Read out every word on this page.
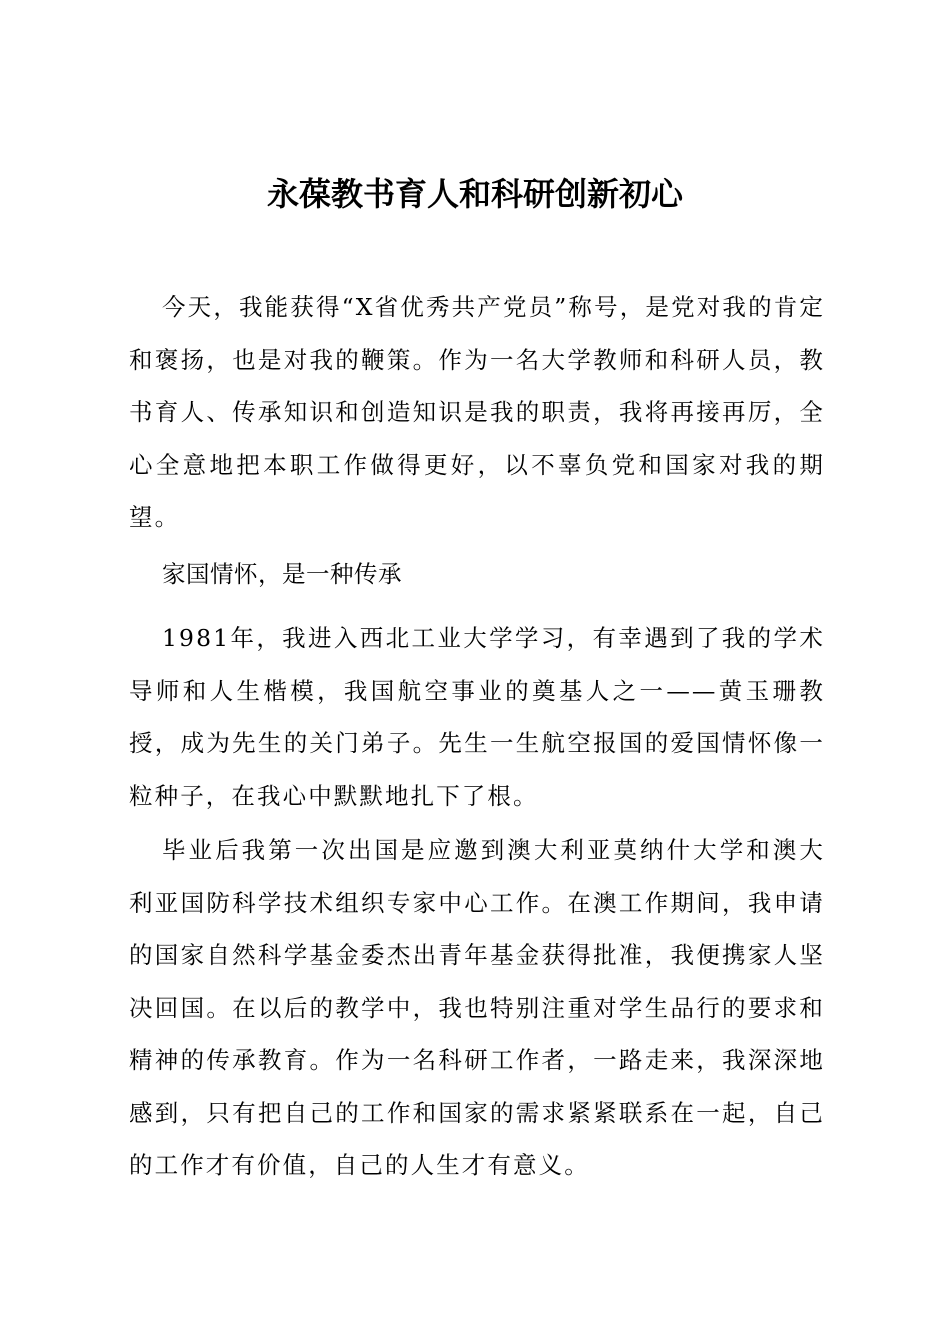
永葆教书育人和科研创新初心

今天，我能获得“X省优秀共产党员”称号，是党对我的肯定和褒扬，也是对我的鞭策。作为一名大学教师和科研人员，教书育人、传承知识和创造知识是我的职责，我将再接再厉，全心全意地把本职工作做得更好，以不辜负党和国家对我的期望。

家国情怀，是一种传承

1981年，我进入西北工业大学学习，有幸遇到了我的学术导师和人生楷模，我国航空事业的奠基人之一——黄玉珊教授，成为先生的关门弟子。先生一生航空报国的爱国情怀像一粒种子，在我心中默默地扎下了根。

毕业后我第一次出国是应邀到澳大利亚莫纳什大学和澳大利亚国防科学技术组织专家中心工作。在澳工作期间，我申请的国家自然科学基金委杰出青年基金获得批准，我便携家人坚决回国。在以后的教学中，我也特别注重对学生品行的要求和精神的传承教育。作为一名科研工作者，一路走来，我深深地感到，只有把自己的工作和国家的需求紧紧联系在一起，自己的工作才有价值，自己的人生才有意义。
